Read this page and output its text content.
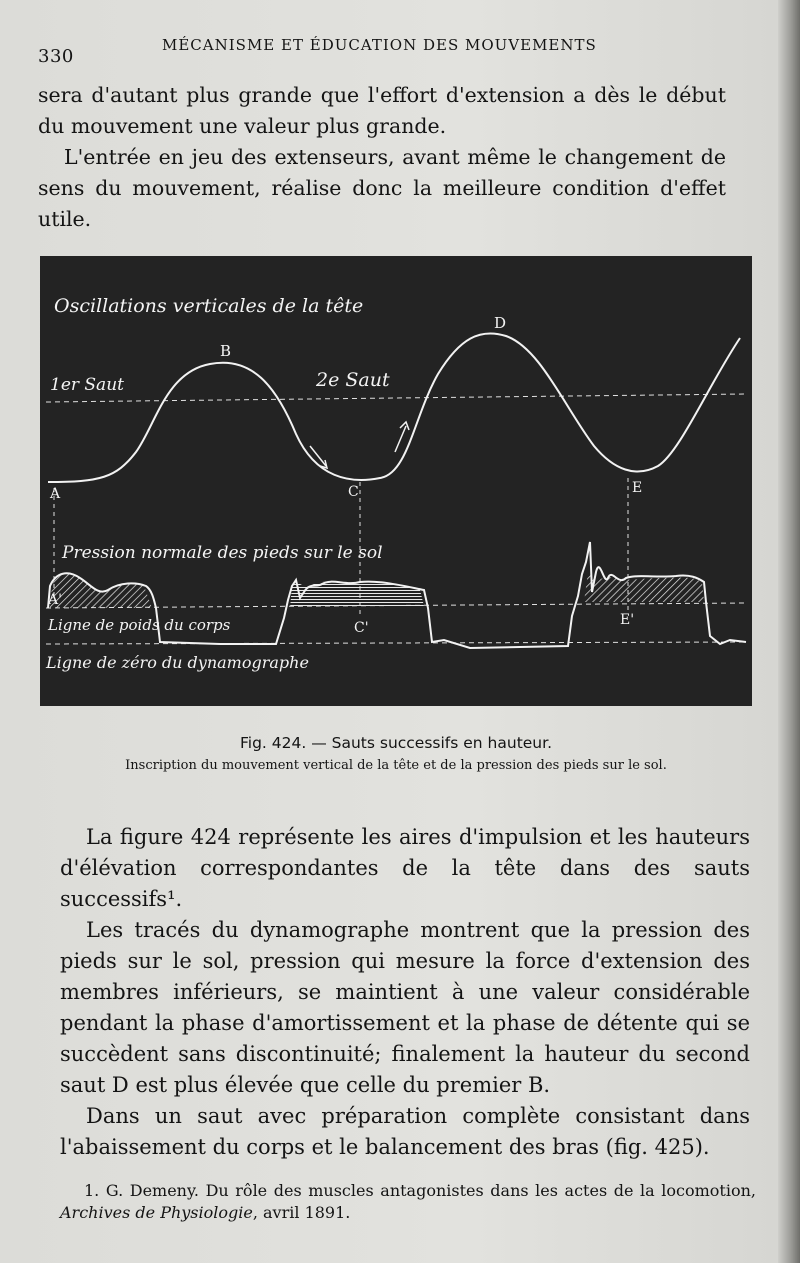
330
MÉCANISME ET ÉDUCATION DES MOUVEMENTS

sera d'autant plus grande que l'effort d'extension a dès le début du mouvement une valeur plus grande.

L'entrée en jeu des extenseurs, avant même le changement de sens du mouvement, réalise donc la meilleure condition d'effet utile.

Oscillations verticales de la tête
1er Saut	2e Saut
B
D
A	C	E
Pression normale des pieds sur le sol
A'
C'	E'
Ligne de poids du corps
Ligne de zéro du dynamographe
Fig. 424. — Sauts successifs en hauteur.
Inscription du mouvement vertical de la tête et de la pression des pieds sur le sol.

La figure 424 représente les aires d'impulsion et les hauteurs d'élévation correspondantes de la tête dans des sauts successifs¹.

Les tracés du dynamographe montrent que la pression des pieds sur le sol, pression qui mesure la force d'extension des membres inférieurs, se maintient à une valeur considérable pendant la phase d'amortissement et la phase de détente qui se succèdent sans discontinuité; finalement la hauteur du second saut D est plus élevée que celle du premier B.

Dans un saut avec préparation complète consistant dans l'abaissement du corps et le balancement des bras (fig. 425).

1. G. Demeny. Du rôle des muscles antagonistes dans les actes de la locomotion, Archives de Physiologie, avril 1891.
